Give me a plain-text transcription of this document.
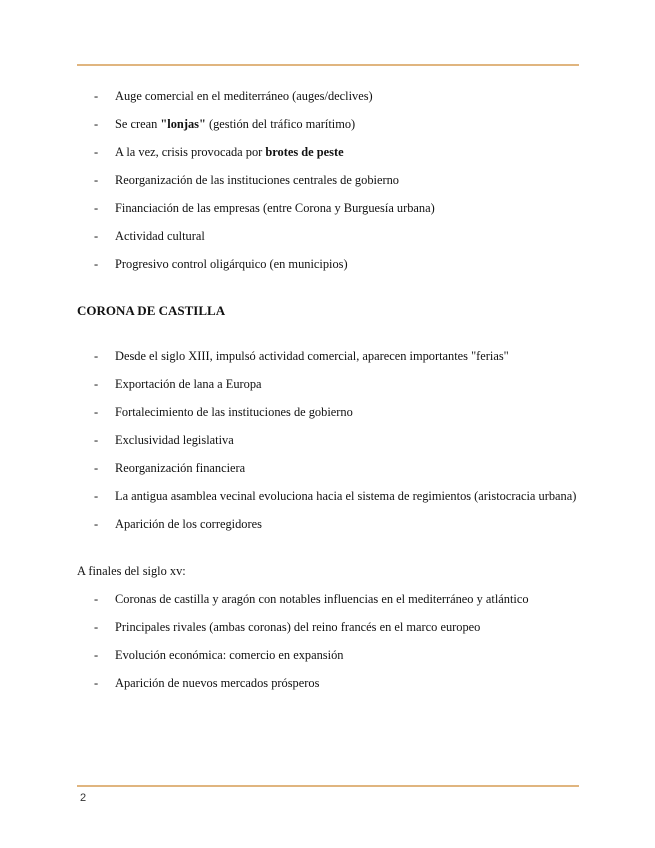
- Auge comercial en el mediterráneo (auges/declives)
- Se crean "lonjas" (gestión del tráfico marítimo)
- A la vez, crisis provocada por brotes de peste
- Reorganización de las instituciones centrales de gobierno
- Financiación de las empresas (entre Corona y Burguesía urbana)
- Actividad cultural
- Progresivo control oligárquico (en municipios)
CORONA DE CASTILLA
- Desde el siglo XIII, impulsó actividad comercial, aparecen importantes "ferias"
- Exportación de lana a Europa
- Fortalecimiento de las instituciones de gobierno
- Exclusividad legislativa
- Reorganización financiera
- La antigua asamblea vecinal evoluciona hacia el sistema de regimientos (aristocracia urbana)
- Aparición de los corregidores

A finales del siglo xv:

- Coronas de castilla y aragón con notables influencias en el mediterráneo y atlántico
- Principales rivales (ambas coronas) del reino francés en el marco europeo
- Evolución económica: comercio en expansión
- Aparición de nuevos mercados prósperos
2
